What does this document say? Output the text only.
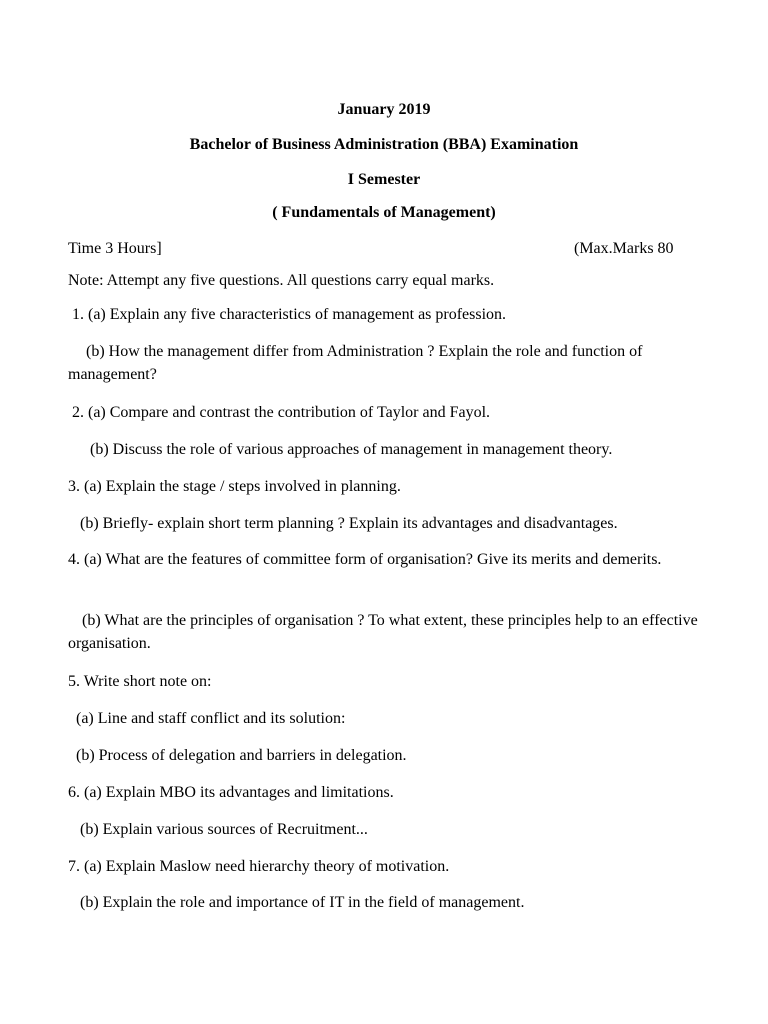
January 2019
Bachelor of Business Administration (BBA) Examination
I Semester
( Fundamentals of Management)
Time 3 Hours]	(Max.Marks 80
Note: Attempt any five questions. All questions carry equal marks.
1. (a) Explain any five characteristics of management as profession.
(b) How the management differ from Administration ? Explain the role and function of management?
2. (a) Compare and contrast the contribution of Taylor and Fayol.
(b) Discuss the role of various approaches of management in management theory.
3. (a) Explain the stage / steps involved in planning.
(b) Briefly- explain short term planning ? Explain its advantages and disadvantages.
4. (a) What are the features of committee form of organisation? Give its merits and demerits.
(b) What are the principles of organisation ? To what extent, these principles help to an effective organisation.
5. Write short note on:
(a) Line and staff conflict and its solution:
(b) Process of delegation and barriers in delegation.
6. (a) Explain MBO its advantages and limitations.
(b) Explain various sources of Recruitment...
7. (a) Explain Maslow need hierarchy theory of motivation.
(b) Explain the role and importance of IT in the field of management.
